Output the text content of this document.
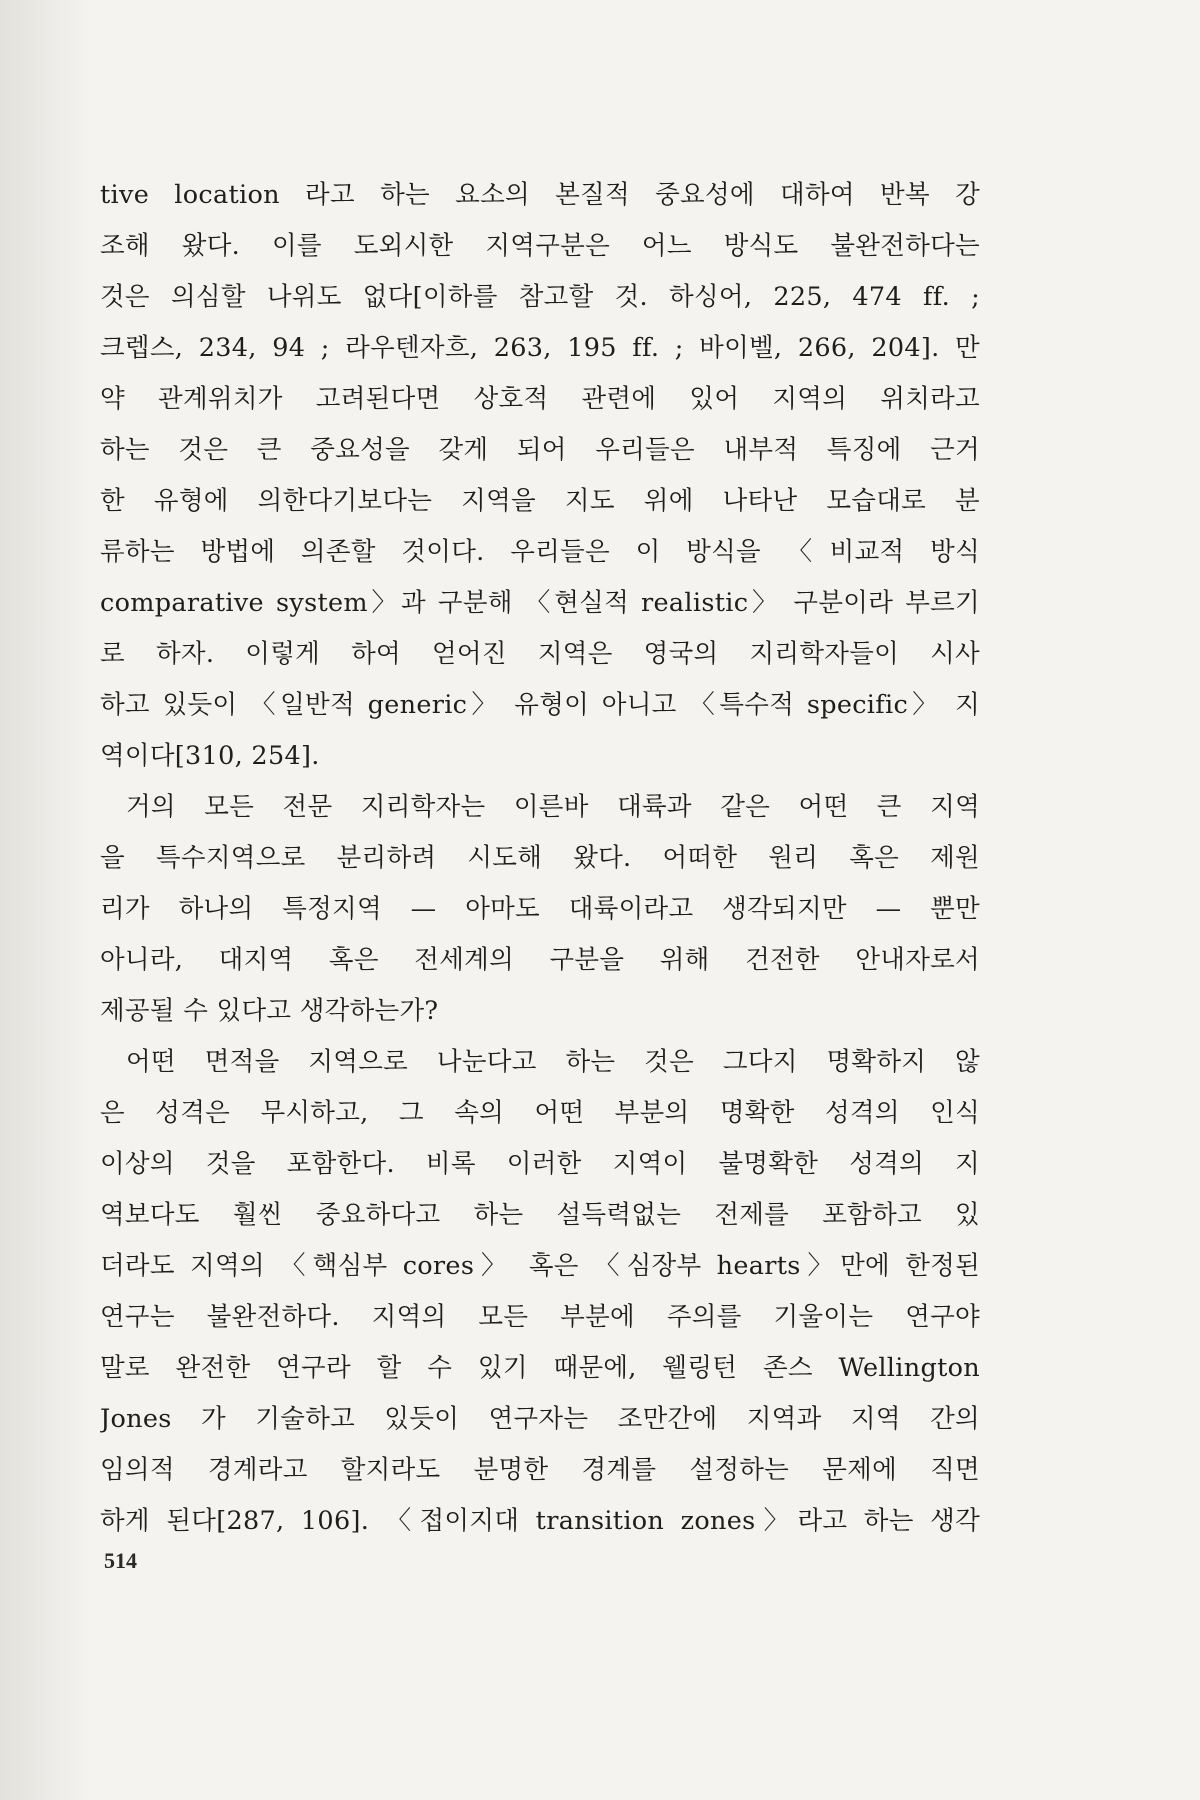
tive location 라고 하는 요소의 본질적 중요성에 대하여 반복 강
조해 왔다. 이를 도외시한 지역구분은 어느 방식도 불완전하다는
것은 의심할 나위도 없다[이하를 참고할 것. 하싱어, 225, 474 ff. ;
크렙스, 234, 94 ; 라우텐자흐, 263, 195 ff. ; 바이벨, 266, 204]. 만
약 관계위치가 고려된다면 상호적 관련에 있어 지역의 위치라고
하는 것은 큰 중요성을 갖게 되어 우리들은 내부적 특징에 근거
한 유형에 의한다기보다는 지역을 지도 위에 나타난 모습대로 분
류하는 방법에 의존할 것이다. 우리들은 이 방식을 〈비교적 방식
comparative system〉과 구분해 〈현실적 realistic〉 구분이라 부르기
로 하자. 이렇게 하여 얻어진 지역은 영국의 지리학자들이 시사
하고 있듯이 〈일반적 generic〉 유형이 아니고 〈특수적 specific〉 지
역이다[310, 254].
거의 모든 전문 지리학자는 이른바 대륙과 같은 어떤 큰 지역
을 특수지역으로 분리하려 시도해 왔다. 어떠한 원리 혹은 제원
리가 하나의 특정지역 — 아마도 대륙이라고 생각되지만 — 뿐만
아니라, 대지역 혹은 전세계의 구분을 위해 건전한 안내자로서
제공될 수 있다고 생각하는가?
어떤 면적을 지역으로 나눈다고 하는 것은 그다지 명확하지 않
은 성격은 무시하고, 그 속의 어떤 부분의 명확한 성격의 인식
이상의 것을 포함한다. 비록 이러한 지역이 불명확한 성격의 지
역보다도 훨씬 중요하다고 하는 설득력없는 전제를 포함하고 있
더라도 지역의 〈핵심부 cores〉 혹은 〈심장부 hearts〉만에 한정된
연구는 불완전하다. 지역의 모든 부분에 주의를 기울이는 연구야
말로 완전한 연구라 할 수 있기 때문에, 웰링턴 존스 Wellington
Jones 가 기술하고 있듯이 연구자는 조만간에 지역과 지역 간의
임의적 경계라고 할지라도 분명한 경계를 설정하는 문제에 직면
하게 된다[287, 106]. 〈접이지대 transition zones〉라고 하는 생각
514
